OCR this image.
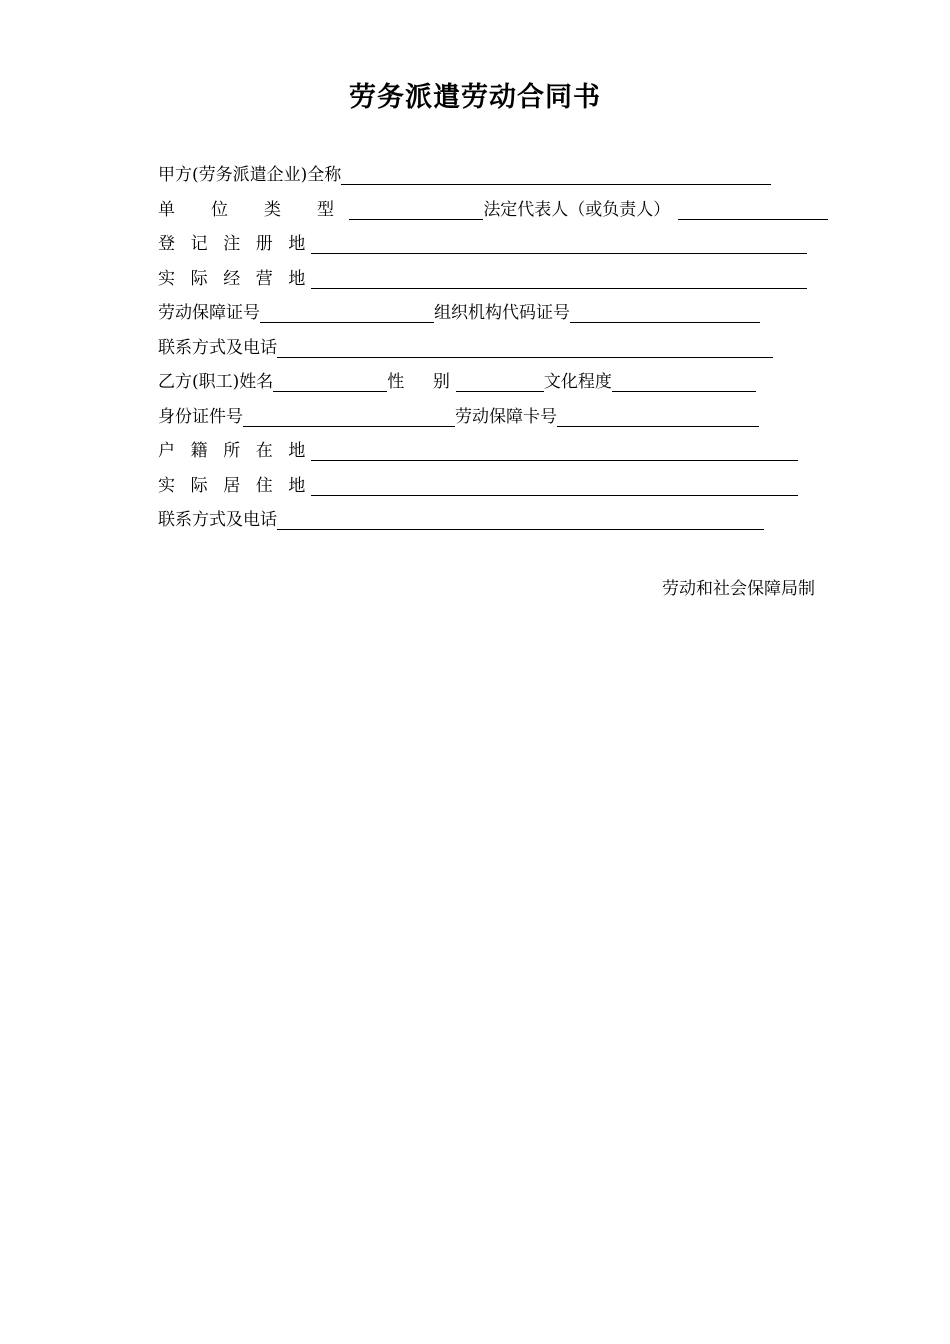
劳务派遣劳动合同书
甲方(劳务派遣企业)全称
单 位 类 型	法定代表人（或负责人）
登 记 注 册 地
实 际 经 营 地
劳动保障证号	组织机构代码证号
联系方式及电话
乙方(职工)姓名	性  别	文化程度
身份证件号	劳动保障卡号
户 籍 所 在 地
实 际 居 住 地
联系方式及电话
劳动和社会保障局制
